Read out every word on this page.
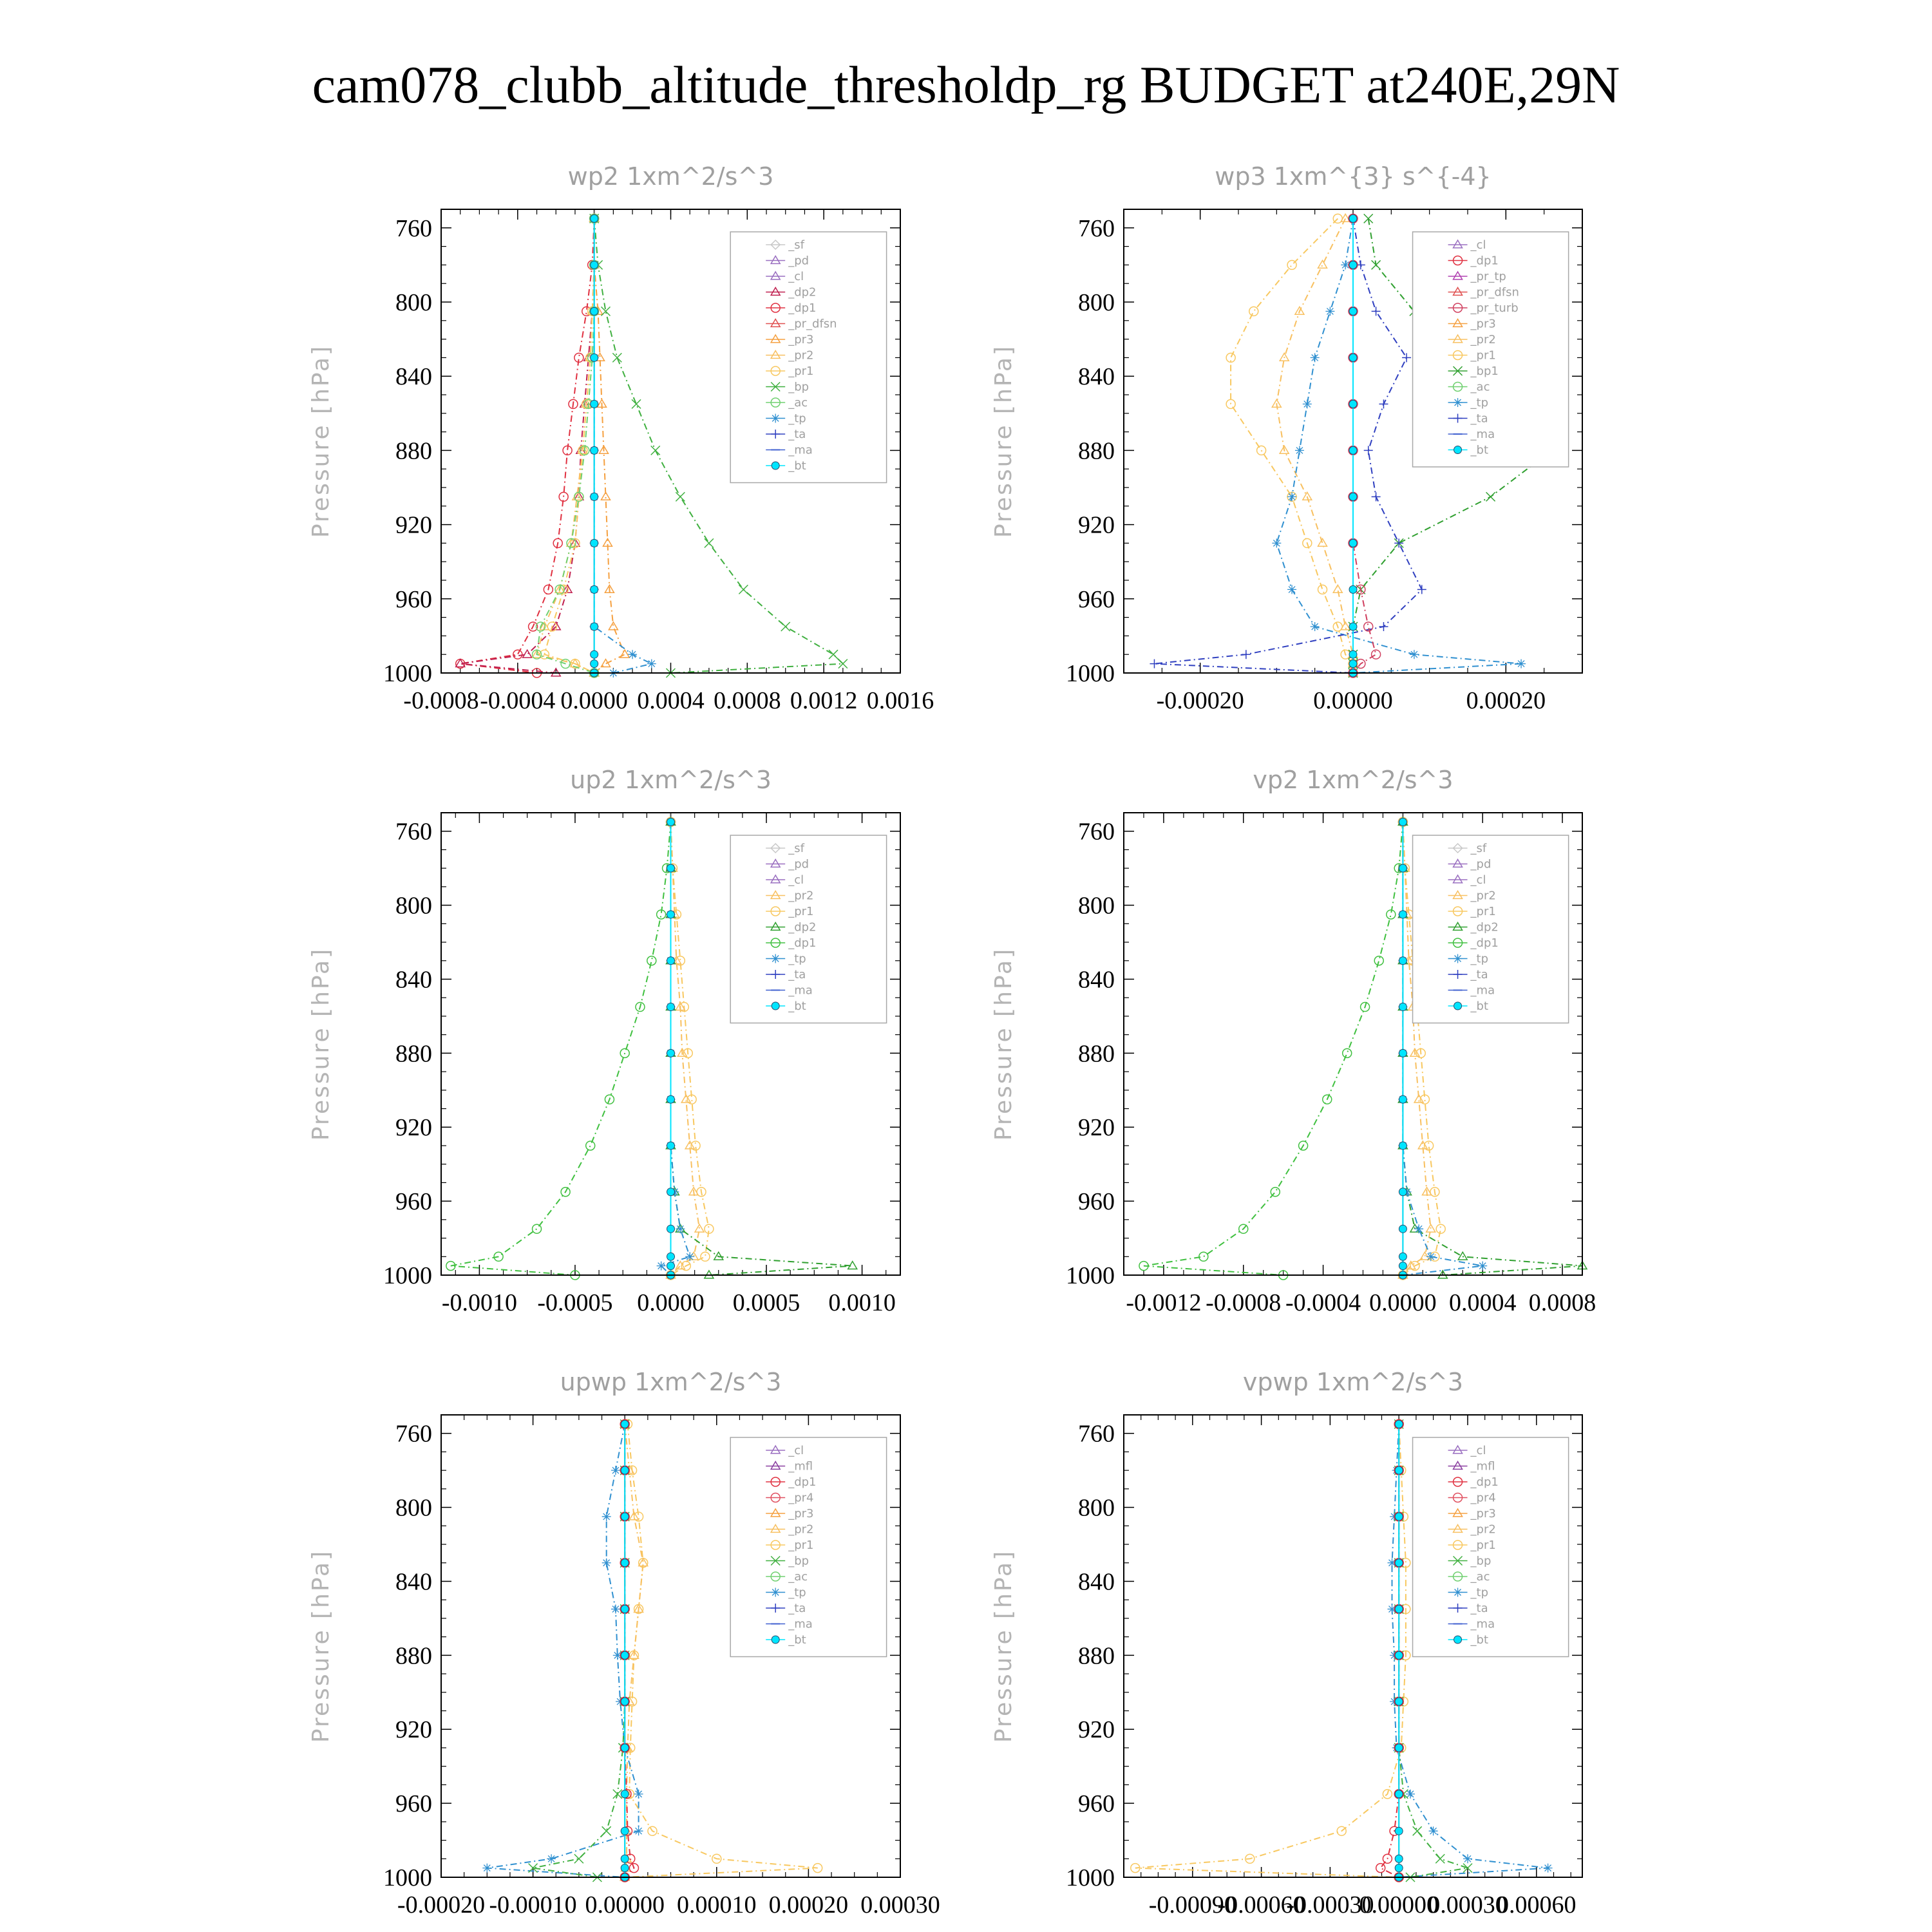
cam078_clubb_altitude_thresholdp_rg BUDGET at240E,29N
wp2 1xm^2/s^3
Pressure [hPa]
-0.0008 -0.0004 0.0000 0.0004 0.0008 0.0012 0.0016
760
800
840
880
920
960
1000
_sf
_pd
_cl
_dp2
_dp1
_pr_dfsn
_pr3
_pr2
_pr1
_bp
_ac
_tp
_ta
_ma
_bt
wp3 1xm^{3} s^{-4}
Pressure [hPa]
-0.00020	0.00000	0.00020
760
800
840
880
920
960
1000
_cl
_dp1
_pr_tp
_pr_dfsn
_pr_turb
_pr3
_pr2
_pr1
_bp1
_ac
_tp
_ta
_ma
_bt
up2 1xm^2/s^3
Pressure [hPa]
-0.0010 -0.0005 0.0000 0.0005 0.0010
760
800
840
880
920
960
1000
_sf
_pd
_cl
_pr2
_pr1
_dp2
_dp1
_tp
_ta
_ma
_bt
vp2 1xm^2/s^3
Pressure [hPa]
-0.0012 -0.0008 -0.0004 0.0000 0.0004 0.0008
760
800
840
880
920
960
1000
_sf
_pd
_cl
_pr2
_pr1
_dp2
_dp1
_tp
_ta
_ma
_bt
upwp 1xm^2/s^3
Pressure [hPa]
-0.00020 -0.00010 0.00000 0.00010 0.00020 0.00030
760
800
840
880
920
960
1000
_cl
_mfl
_dp1
_pr4
_pr3
_pr2
_pr1
_bp
_ac
_tp
_ta
_ma
_bt
vpwp 1xm^2/s^3
Pressure [hPa]
-0.00090
-0.00060
-0.00030
0.00000
0.00030
0.00060
760
800
840
880
920
960
1000
_cl
_mfl
_dp1
_pr4
_pr3
_pr2
_pr1
_bp
_ac
_tp
_ta
_ma
_bt
